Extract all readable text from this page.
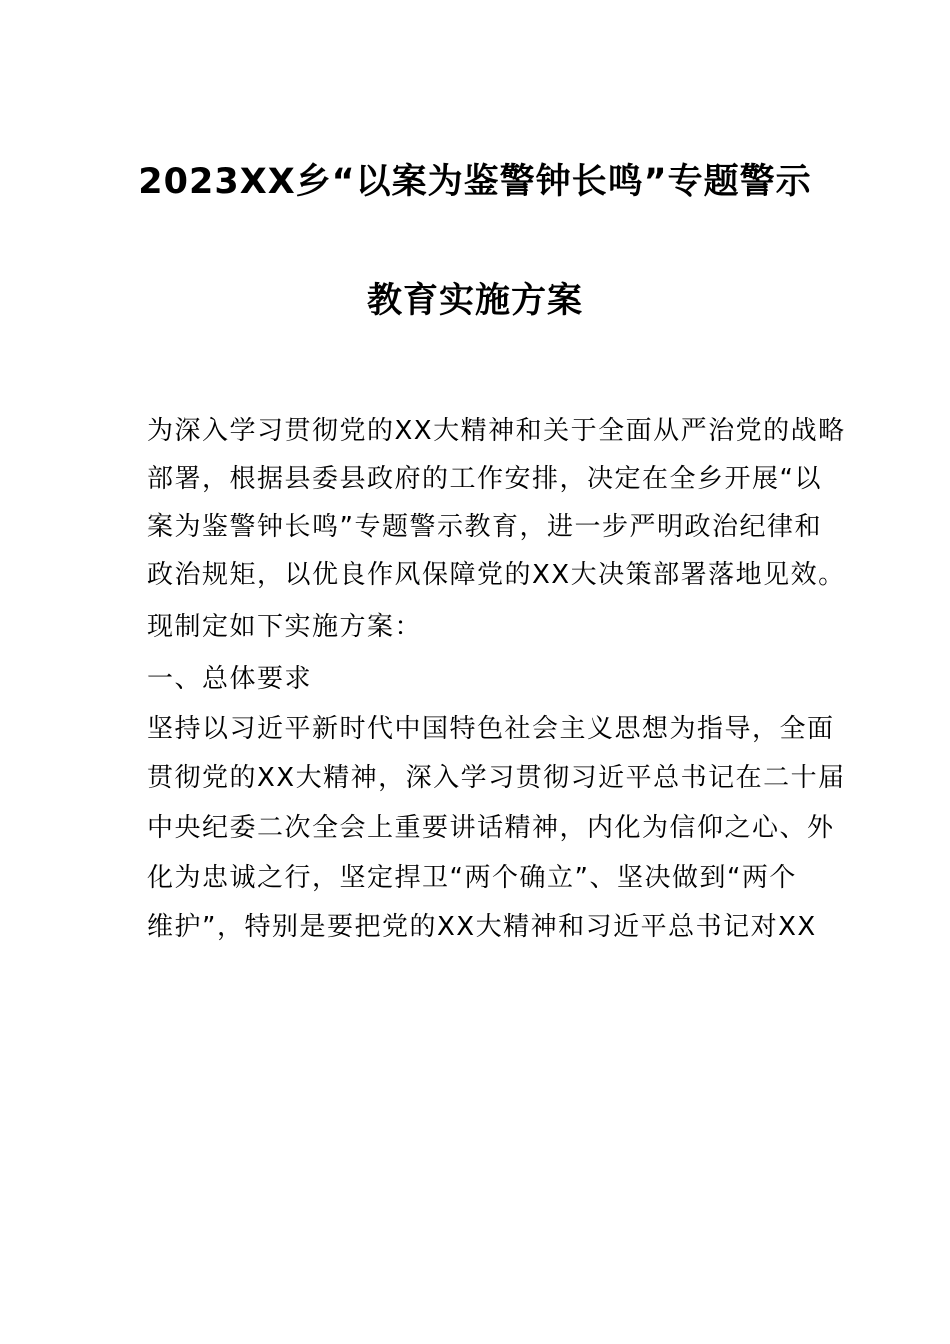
2023XX乡“以案为鉴警钟长鸣”专题警示
教育实施方案
为深入学习贯彻党的XX大精神和关于全面从严治党的战略
部署，根据县委县政府的工作安排，决定在全乡开展“以
案为鉴警钟长鸣”专题警示教育，进一步严明政治纪律和
政治规矩，以优良作风保障党的XX大决策部署落地见效。
现制定如下实施方案：
一、总体要求
坚持以习近平新时代中国特色社会主义思想为指导，全面
贯彻党的XX大精神，深入学习贯彻习近平总书记在二十届
中央纪委二次全会上重要讲话精神，内化为信仰之心、外
化为忠诚之行，坚定捍卫“两个确立”、坚决做到“两个
维护”，特别是要把党的XX大精神和习近平总书记对XX
